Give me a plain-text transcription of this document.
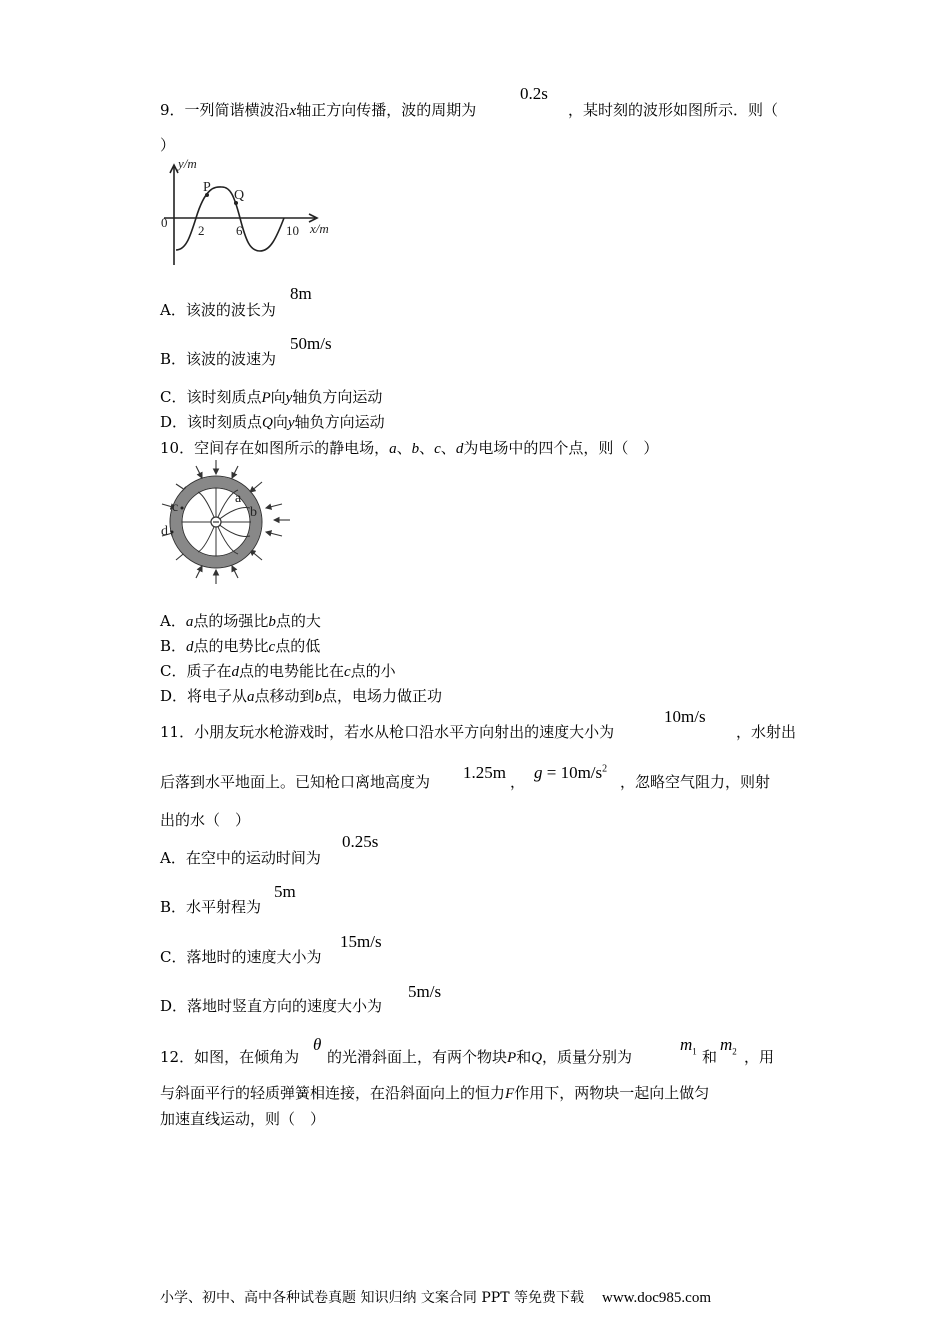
9．一列简谐横波沿x轴正方向传播，波的周期为
0.2s
，某时刻的波形如图所示．则（
）
y/m
0
2 6	10 x/m
P
Q
A．该波的波长为
8m
B．该波的波速为
50m/s
C．该时刻质点P向y轴负方向运动
D．该时刻质点Q向y轴负方向运动
10．空间存在如图所示的静电场，a、b、c、d为电场中的四个点，则（　）
a
b
c
d
A．a点的场强比b点的大
B．d点的电势比c点的低
C．质子在d点的电势能比在c点的小
D．将电子从a点移动到b点，电场力做正功
11．小朋友玩水枪游戏时，若水从枪口沿水平方向射出的速度大小为
10m/s
，水射出
后落到水平地面上。已知枪口离地高度为 1.25m ， $g = 10m/s^2$
，忽略空气阻力，则射
出的水（　）
A．在空中的运动时间为
0.25s
B．水平射程为
5m
C．落地时的速度大小为
15m/s
D．落地时竖直方向的速度大小为
5m/s
12．如图，在倾角为
θ
的光滑斜面上，有两个物块P和Q，质量分别为
$m_1$ 和
$m_2$ ，用
与斜面平行的轻质弹簧相连接，在沿斜面向上的恒力F作用下，两物块一起向上做匀
加速直线运动，则（　）
小学、初中、高中各种试卷真题 知识归纳 文案合同 PPT 等免费下载 www.doc985.com
